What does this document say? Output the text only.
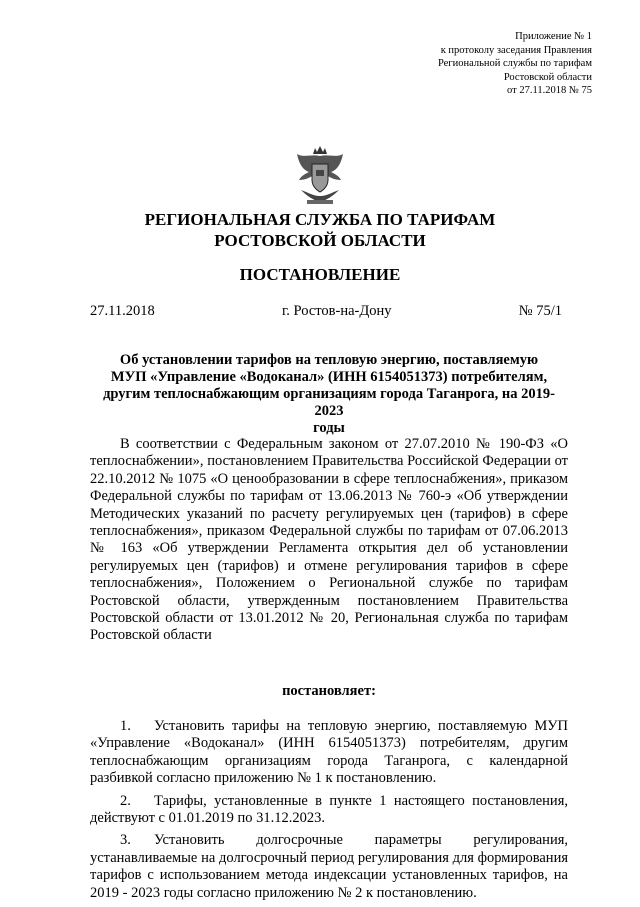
Приложение № 1
к протоколу заседания Правления
Региональной службы по тарифам
Ростовской области
от 27.11.2018 № 75
РЕГИОНАЛЬНАЯ СЛУЖБА ПО ТАРИФАМ
РОСТОВСКОЙ ОБЛАСТИ
ПОСТАНОВЛЕНИЕ
27.11.2018	г. Ростов-на-Дону	№ 75/1
Об установлении тарифов на тепловую энергию, поставляемую
МУП «Управление «Водоканал» (ИНН 6154051373) потребителям,
другим теплоснабжающим организациям города Таганрога, на 2019-2023
годы
В соответствии с Федеральным законом от 27.07.2010 № 190-ФЗ «О теплоснабжении», постановлением Правительства Российской Федерации от 22.10.2012 № 1075 «О ценообразовании в сфере теплоснабжения», приказом Федеральной службы по тарифам от 13.06.2013 № 760-э «Об утверждении Методических указаний по расчету регулируемых цен (тарифов) в сфере теплоснабжения», приказом Федеральной службы по тарифам от 07.06.2013 № 163 «Об утверждении Регламента открытия дел об установлении регулируемых цен (тарифов) и отмене регулирования тарифов в сфере теплоснабжения», Положением о Региональной службе по тарифам Ростовской области, утвержденным постановлением Правительства Ростовской области от 13.01.2012 № 20, Региональная служба по тарифам Ростовской области
постановляет:
1. Установить тарифы на тепловую энергию, поставляемую МУП «Управление «Водоканал» (ИНН 6154051373) потребителям, другим теплоснабжающим организациям города Таганрога, с календарной разбивкой согласно приложению № 1 к постановлению.
2. Тарифы, установленные в пункте 1 настоящего постановления, действуют с 01.01.2019 по 31.12.2023.
3. Установить долгосрочные параметры регулирования, устанавливаемые на долгосрочный период регулирования для формирования тарифов с использованием метода индексации установленных тарифов, на 2019 - 2023 годы согласно приложению № 2 к постановлению.
